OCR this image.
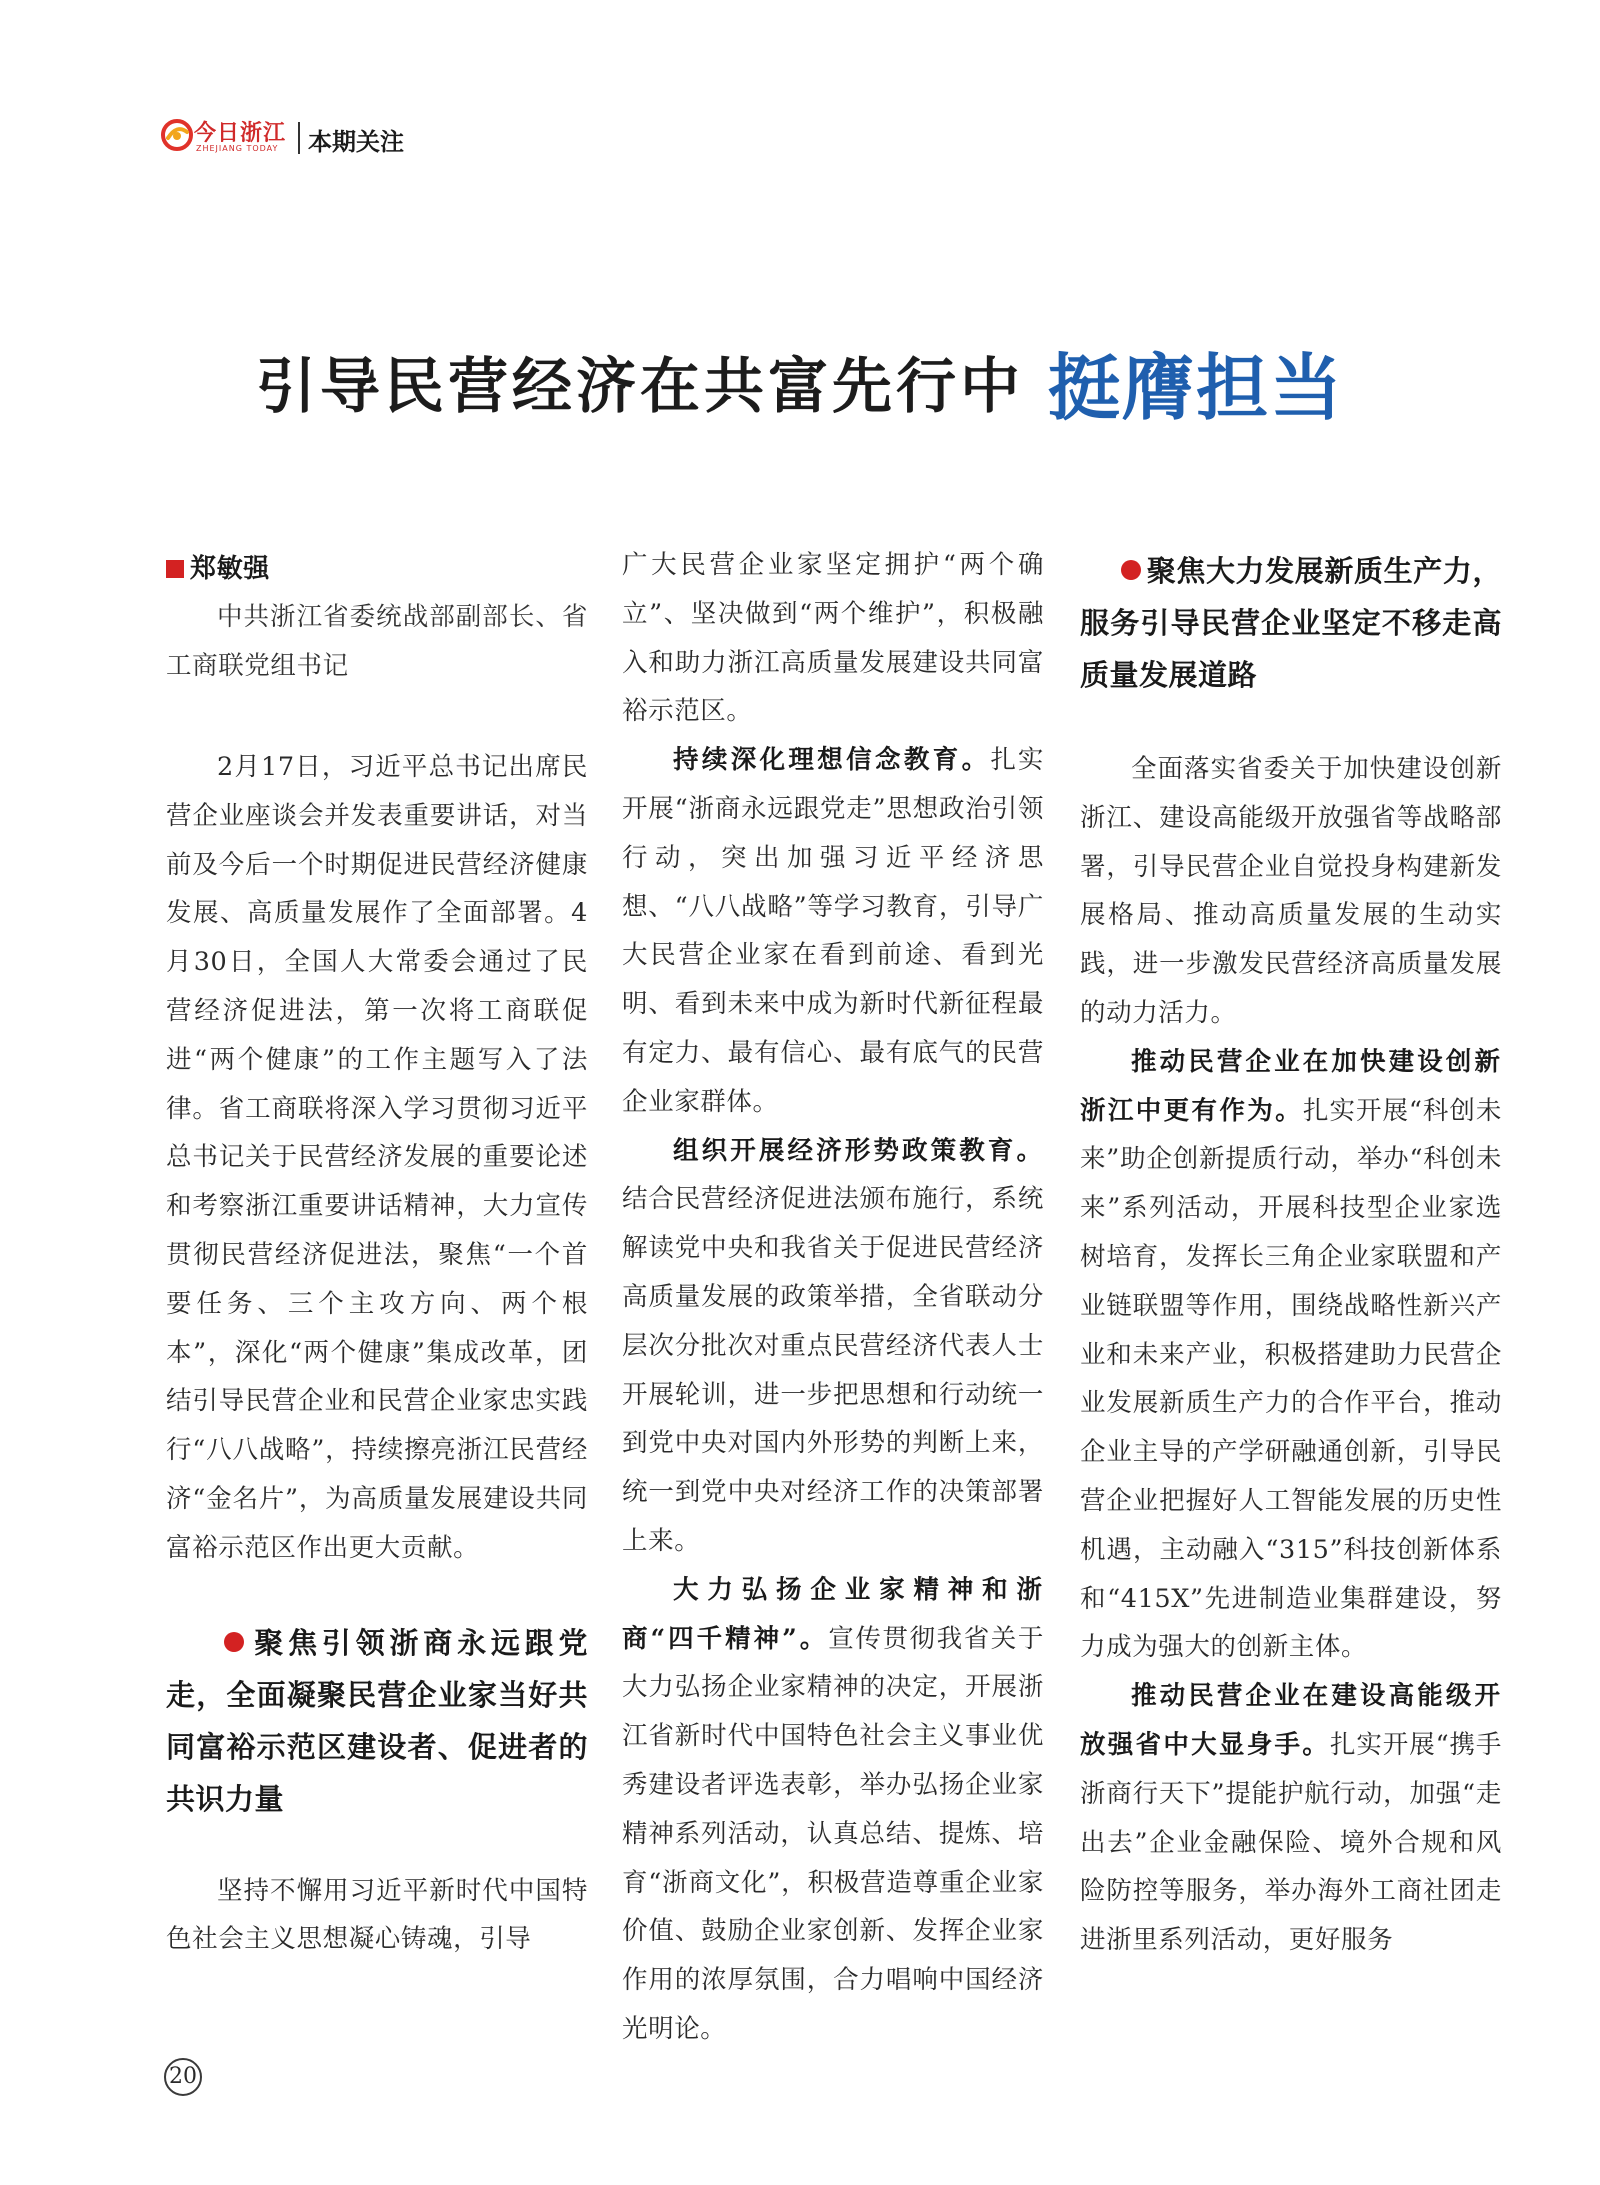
今日浙江
ZHEJIANG TODAY 本期关注
引导民营经济在共富先行中 挺膺担当
郑敏强

中共浙江省委统战部副部长、省工商联党组书记

2月17日，习近平总书记出席民营企业座谈会并发表重要讲话，对当前及今后一个时期促进民营经济健康发展、高质量发展作了全面部署。4月30日，全国人大常委会通过了民营经济促进法，第一次将工商联促进“两个健康”的工作主题写入了法律。省工商联将深入学习贯彻习近平总书记关于民营经济发展的重要论述和考察浙江重要讲话精神，大力宣传贯彻民营经济促进法，聚焦“一个首要任务、三个主攻方向、两个根本”，深化“两个健康”集成改革，团结引导民营企业和民营企业家忠实践行“八八战略”，持续擦亮浙江民营经济“金名片”，为高质量发展建设共同富裕示范区作出更大贡献。

聚焦引领浙商永远跟党走，全面凝聚民营企业家当好共同富裕示范区建设者、促进者的共识力量

坚持不懈用习近平新时代中国特色社会主义思想凝心铸魂，引导

广大民营企业家坚定拥护“两个确立”、坚决做到“两个维护”，积极融入和助力浙江高质量发展建设共同富裕示范区。

持续深化理想信念教育。扎实开展“浙商永远跟党走”思想政治引领行动，突出加强习近平经济思想、“八八战略”等学习教育，引导广大民营企业家在看到前途、看到光明、看到未来中成为新时代新征程最有定力、最有信心、最有底气的民营企业家群体。

组织开展经济形势政策教育。结合民营经济促进法颁布施行，系统解读党中央和我省关于促进民营经济高质量发展的政策举措，全省联动分层次分批次对重点民营经济代表人士开展轮训，进一步把思想和行动统一到党中央对国内外形势的判断上来，统一到党中央对经济工作的决策部署上来。

大力弘扬企业家精神和浙商“四千精神”。宣传贯彻我省关于大力弘扬企业家精神的决定，开展浙江省新时代中国特色社会主义事业优秀建设者评选表彰，举办弘扬企业家精神系列活动，认真总结、提炼、培育“浙商文化”，积极营造尊重企业家价值、鼓励企业家创新、发挥企业家作用的浓厚氛围，合力唱响中国经济光明论。

聚焦大力发展新质生产力，服务引导民营企业坚定不移走高质量发展道路

全面落实省委关于加快建设创新浙江、建设高能级开放强省等战略部署，引导民营企业自觉投身构建新发展格局、推动高质量发展的生动实践，进一步激发民营经济高质量发展的动力活力。

推动民营企业在加快建设创新浙江中更有作为。扎实开展“科创未来”助企创新提质行动，举办“科创未来”系列活动，开展科技型企业家选树培育，发挥长三角企业家联盟和产业链联盟等作用，围绕战略性新兴产业和未来产业，积极搭建助力民营企业发展新质生产力的合作平台，推动企业主导的产学研融通创新，引导民营企业把握好人工智能发展的历史性机遇，主动融入“315”科技创新体系和“415X”先进制造业集群建设，努力成为强大的创新主体。

推动民营企业在建设高能级开放强省中大显身手。扎实开展“携手浙商行天下”提能护航行动，加强“走出去”企业金融保险、境外合规和风险防控等服务，举办海外工商社团走进浙里系列活动，更好服务

20
